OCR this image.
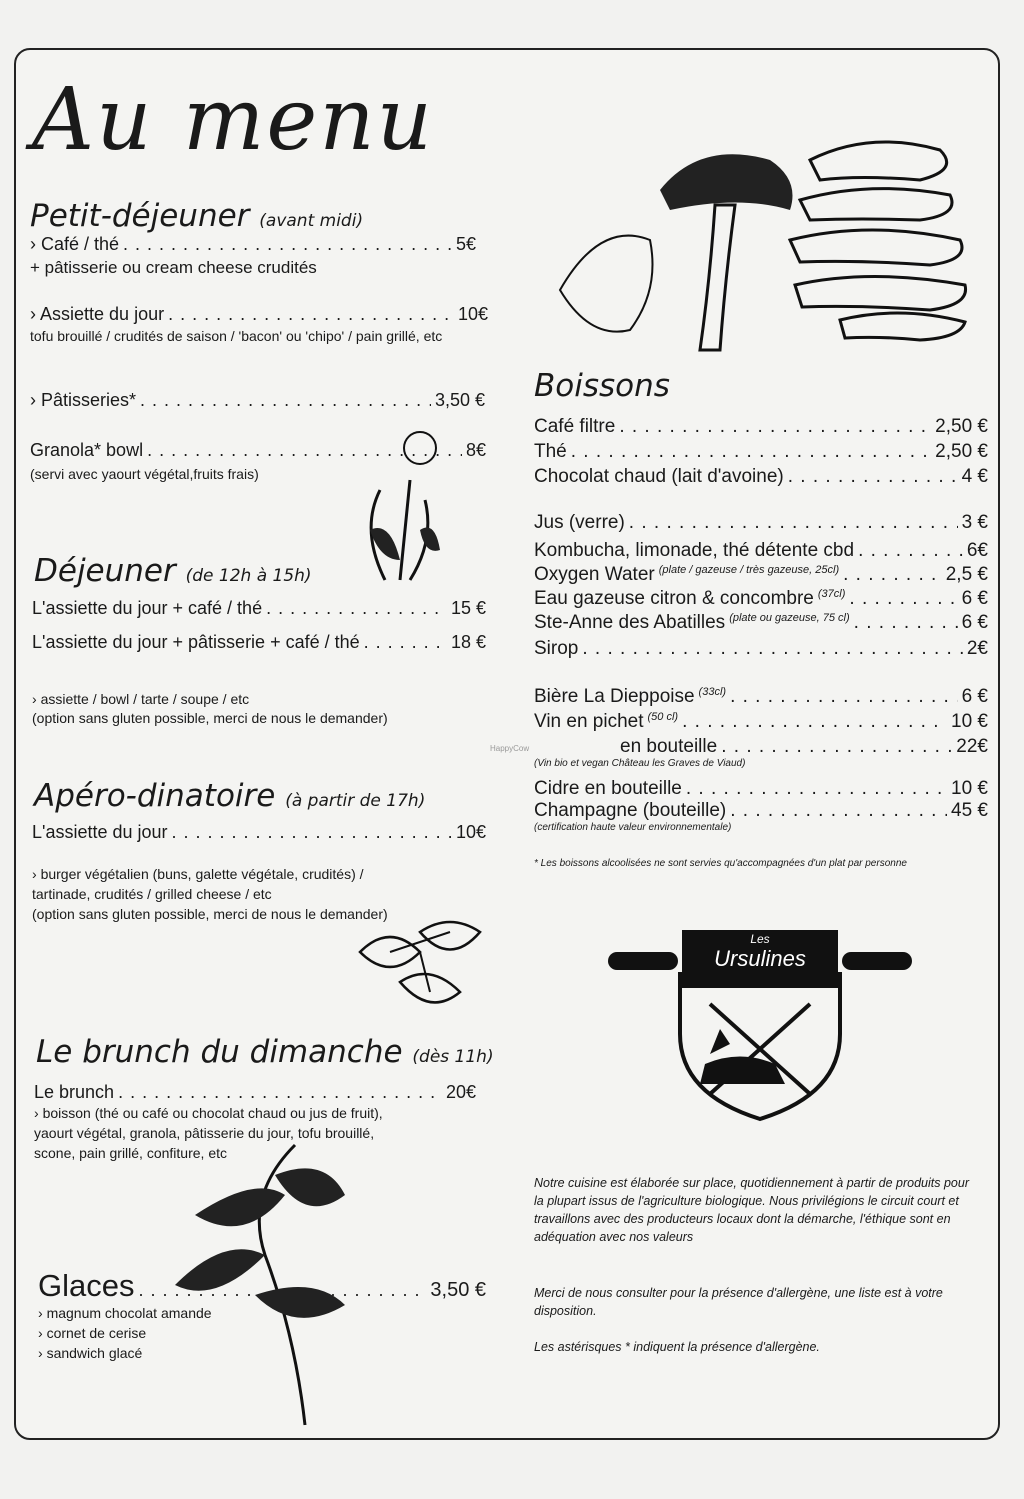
Au menu
Petit-déjeuner (avant midi)
› Café / thé . . .	5€
+ pâtisserie ou cream cheese crudités
› Assiette du jour . . .	10€
tofu brouillé / crudités de saison / 'bacon' ou 'chipo' / pain grillé, etc
› Pâtisseries* . . .	3,50 €
Granola* bowl . . .	8€
(servi avec yaourt végétal,fruits frais)
Déjeuner (de 12h à 15h)
L'assiette du jour + café / thé . . .	15 €
L'assiette du jour + pâtisserie + café / thé . . .	18 €
› assiette / bowl / tarte / soupe / etc
(option sans gluten possible, merci de nous le demander)
Apéro-dinatoire (à partir de 17h)
L'assiette du jour . . .	10€
› burger végétalien (buns, galette végétale, crudités) /
tartinade, crudités / grilled cheese / etc
(option sans gluten possible, merci de nous le demander)
Le brunch du dimanche (dès 11h)
Le brunch . . .	20€
› boisson (thé ou café ou chocolat chaud ou jus de fruit),
yaourt végétal, granola, pâtisserie du jour, tofu brouillé,
scone, pain grillé, confiture, etc
Glaces . . .	3,50 €
› magnum chocolat amande
› cornet de cerise
› sandwich glacé
Boissons
Café filtre . . .	2,50 €
Thé . . .	2,50 €
Chocolat chaud (lait d'avoine) . . .	4 €
Jus (verre) . . .	3 €
Kombucha, limonade, thé détente cbd . . .	6€
Oxygen Water (plate / gazeuse / très gazeuse, 25cl) . . .	2,5 €
Eau gazeuse citron & concombre (37cl) . . .	6 €
Ste-Anne des Abatilles (plate ou gazeuse, 75 cl) . . .	6 €
Sirop . . .	2€
Bière La Dieppoise (33cl) . . .	6 €
Vin en pichet (50 cl) . . .	10 €
en bouteille . . .	22€
Cidre en bouteille . . .	10 €
Champagne (bouteille) . . .	45 €
(Vin bio et vegan Château les Graves de Viaud)
(certification haute valeur environnementale)
* Les boissons alcoolisées ne sont servies qu'accompagnées d'un plat par personne
Les
Ursulines
Notre cuisine est élaborée sur place, quotidiennement à partir de produits pour la plupart issus de l'agriculture biologique. Nous privilégions le circuit court et travaillons avec des producteurs locaux dont la démarche, l'éthique sont en adéquation avec nos valeurs
Merci de nous consulter pour la présence d'allergène, une liste est à votre disposition.
Les astérisques * indiquent la présence d'allergène.
HappyCow
